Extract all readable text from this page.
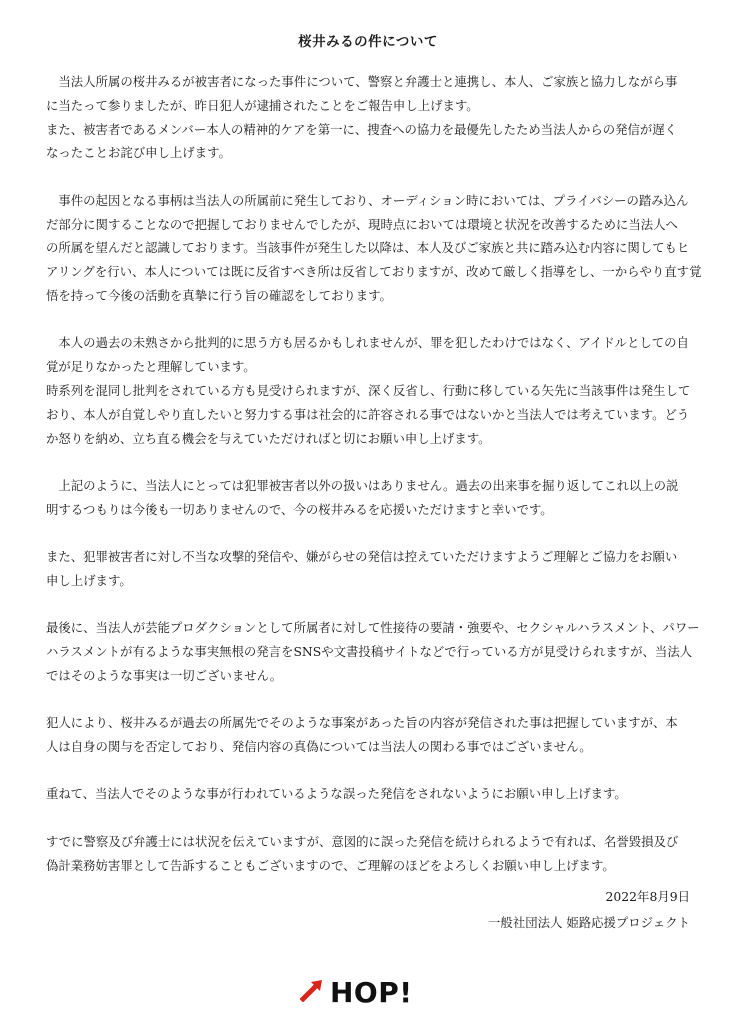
桜井みるの件について
当法人所属の桜井みるが被害者になった事件について、警察と弁護士と連携し、本人、ご家族と協力しながら事
に当たって参りましたが、昨日犯人が逮捕されたことをご報告申し上げます。
また、被害者であるメンバー本人の精神的ケアを第一に、捜査への協力を最優先したため当法人からの発信が遅く
なったことお詫び申し上げます。
事件の起因となる事柄は当法人の所属前に発生しており、オーディション時においては、プライバシーの踏み込ん
だ部分に関することなので把握しておりませんでしたが、現時点においては環境と状況を改善するために当法人へ
の所属を望んだと認識しております。当該事件が発生した以降は、本人及びご家族と共に踏み込む内容に関してもヒ
アリングを行い、本人については既に反省すべき所は反省しておりますが、改めて厳しく指導をし、一からやり直す覚
悟を持って今後の活動を真摯に行う旨の確認をしております。
本人の過去の未熟さから批判的に思う方も居るかもしれませんが、罪を犯したわけではなく、アイドルとしての自
覚が足りなかったと理解しています。
時系列を混同し批判をされている方も見受けられますが、深く反省し、行動に移している矢先に当該事件は発生して
おり、本人が自覚しやり直したいと努力する事は社会的に許容される事ではないかと当法人では考えています。どう
か怒りを納め、立ち直る機会を与えていただければと切にお願い申し上げます。
上記のように、当法人にとっては犯罪被害者以外の扱いはありません。過去の出来事を掘り返してこれ以上の説
明するつもりは今後も一切ありませんので、今の桜井みるを応援いただけますと幸いです。
また、犯罪被害者に対し不当な攻撃的発信や、嫌がらせの発信は控えていただけますようご理解とご協力をお願い
申し上げます。
最後に、当法人が芸能プロダクションとして所属者に対して性接待の要請・強要や、セクシャルハラスメント、パワー
ハラスメントが有るような事実無根の発言をSNSや文書投稿サイトなどで行っている方が見受けられますが、当法人
ではそのような事実は一切ございません。
犯人により、桜井みるが過去の所属先でそのような事案があった旨の内容が発信された事は把握していますが、本
人は自身の関与を否定しており、発信内容の真偽については当法人の関わる事ではございません。
重ねて、当法人でそのような事が行われているような誤った発信をされないようにお願い申し上げます。
すでに警察及び弁護士には状況を伝えていますが、意図的に誤った発信を続けられるようで有れば、名誉毀損及び
偽計業務妨害罪として告訴することもございますので、ご理解のほどをよろしくお願い申し上げます。
2022年8月9日
一般社団法人 姫路応援プロジェクト
HOP!
